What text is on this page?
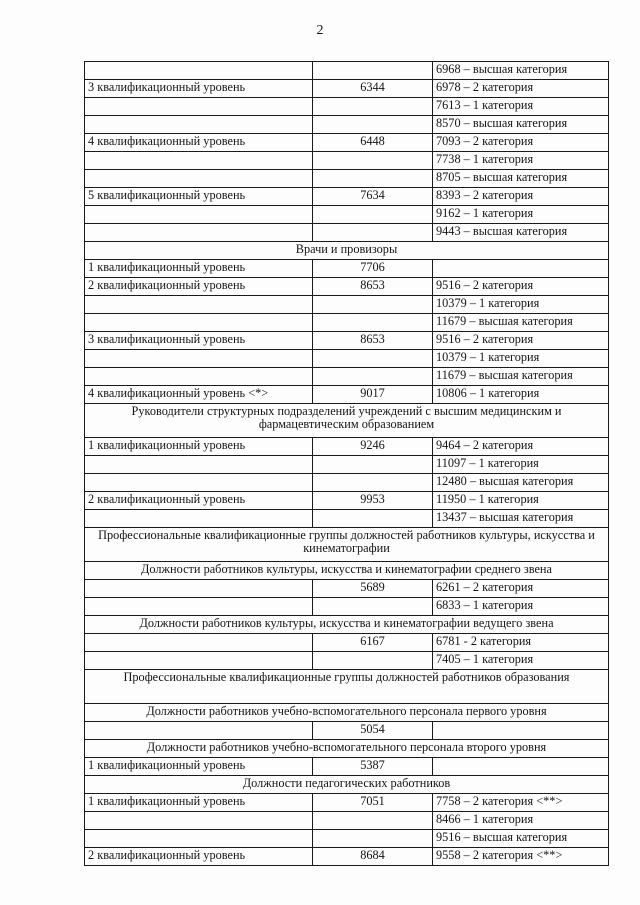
2
		6968 – высшая категория
3 квалификационный уровень	6344	6978 – 2 категория
		7613 – 1 категория
		8570 – высшая категория
4 квалификационный уровень	6448	7093 – 2 категория
		7738 – 1 категория
		8705 – высшая категория
5 квалификационный уровень	7634	8393 – 2 категория
		9162 – 1 категория
		9443 – высшая категория
Врачи и провизоры		
1 квалификационный уровень	7706	
2 квалификационный уровень	8653	9516 – 2 категория
		10379 – 1 категория
		11679 – высшая категория
3 квалификационный уровень	8653	9516 – 2 категория
		10379 – 1 категория
		11679 – высшая категория
4 квалификационный уровень <*>	9017	10806 – 1 категория
Руководители структурных подразделений учреждений с высшим медицинским и фармацевтическим образованием		
1 квалификационный уровень	9246	9464 – 2 категория
		11097 – 1 категория
		12480 – высшая категория
2 квалификационный уровень	9953	11950 – 1 категория
		13437 – высшая категория
Профессиональные квалификационные группы должностей работников культуры, искусства и кинематографии		
Должности работников культуры, искусства и кинематографии среднего звена		
	5689	6261 – 2 категория
		6833 – 1 категория
Должности работников культуры, искусства и кинематографии ведущего звена		
	6167	6781 - 2 категория
		7405 – 1 категория
Профессиональные квалификационные группы должностей работников образования		
Должности работников учебно-вспомогательного персонала первого уровня		
	5054	
Должности работников учебно-вспомогательного персонала второго уровня		
1 квалификационный уровень	5387	
Должности педагогических работников		
1 квалификационный уровень	7051	7758 – 2 категория <**>
		8466 – 1 категория
		9516 – высшая категория
2 квалификационный уровень	8684	9558 – 2 категория <**>
